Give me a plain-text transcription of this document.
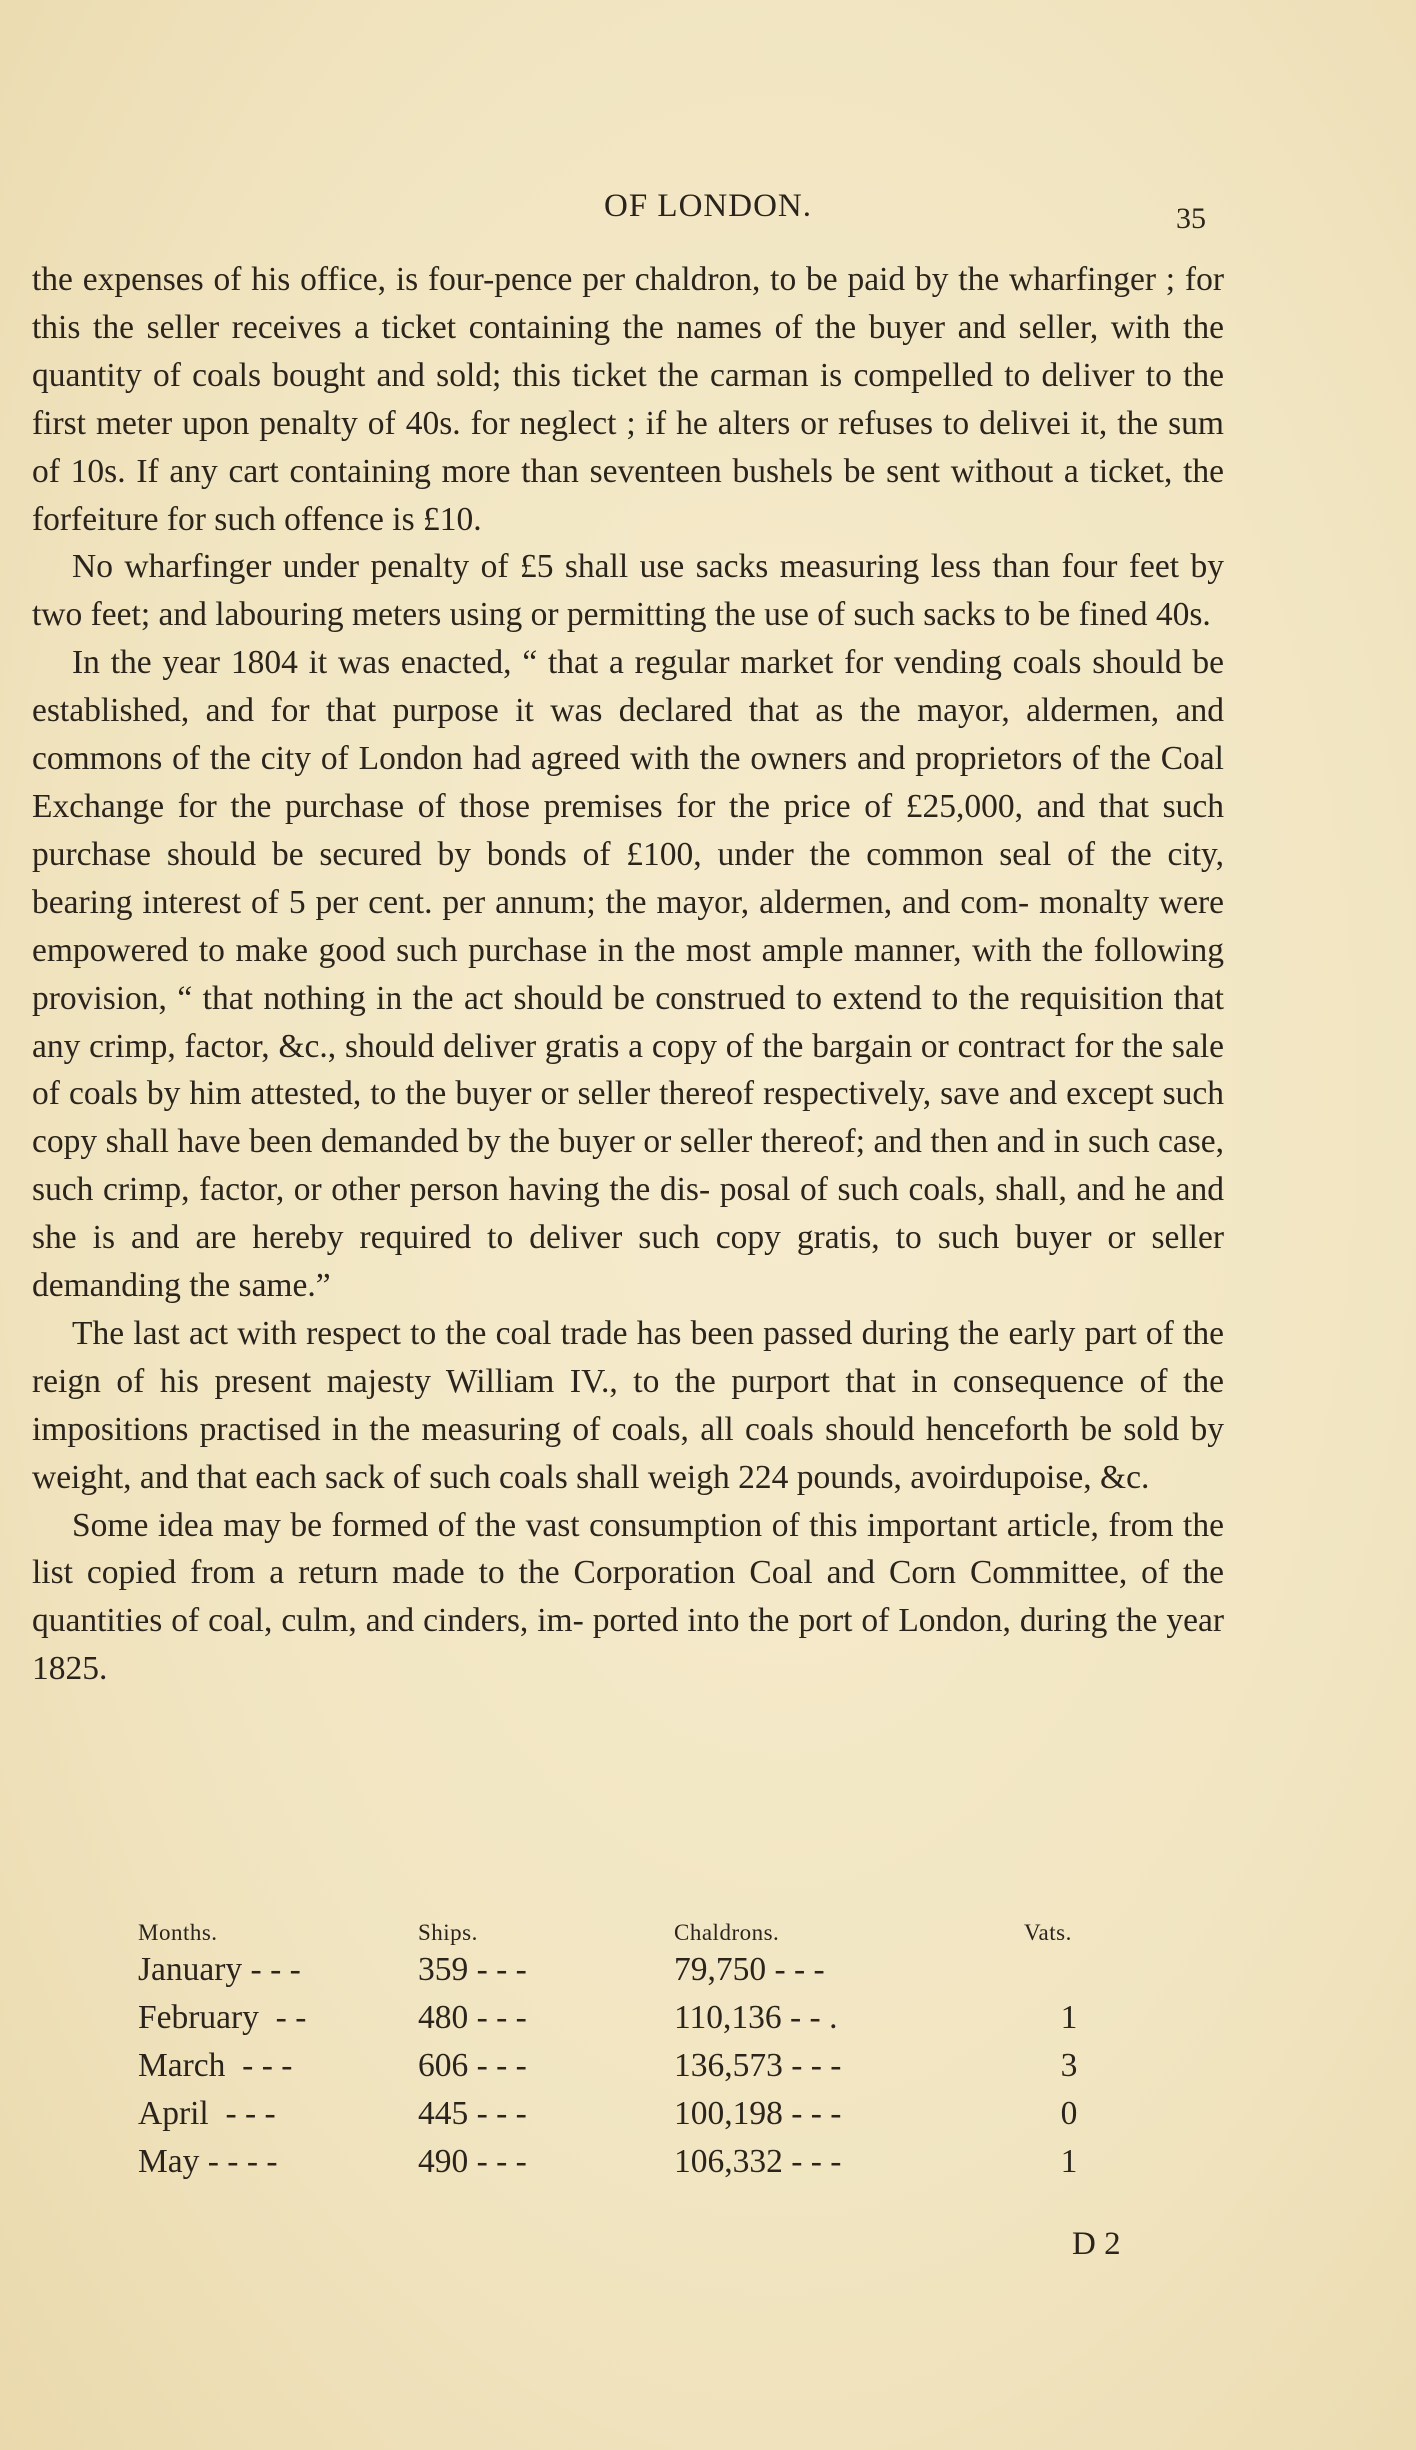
OF LONDON.	35

the expenses of his office, is four-pence per chaldron, to be paid by the wharfinger ; for this the seller receives a ticket containing the names of the buyer and seller, with the quantity of coals bought and sold; this ticket the carman is compelled to deliver to the first meter upon penalty of 40s. for neglect ; if he alters or refuses to delivei it, the sum of 10s. If any cart containing more than seventeen bushels be sent without a ticket, the forfeiture for such offence is £10.

No wharfinger under penalty of £5 shall use sacks measuring less than four feet by two feet; and labouring meters using or permitting the use of such sacks to be fined 40s.

In the year 1804 it was enacted, “ that a regular market for vending coals should be established, and for that purpose it was declared that as the mayor, aldermen, and commons of the city of London had agreed with the owners and proprietors of the Coal Exchange for the purchase of those premises for the price of £25,000, and that such purchase should be secured by bonds of £100, under the common seal of the city, bearing interest of 5 per cent. per annum; the mayor, aldermen, and com- monalty were empowered to make good such purchase in the most ample manner, with the following provision, “ that nothing in the act should be construed to extend to the requisition that any crimp, factor, &c., should deliver gratis a copy of the bargain or contract for the sale of coals by him attested, to the buyer or seller thereof respectively, save and except such copy shall have been demanded by the buyer or seller thereof; and then and in such case, such crimp, factor, or other person having the dis- posal of such coals, shall, and he and she is and are hereby required to deliver such copy gratis, to such buyer or seller demanding the same.”

The last act with respect to the coal trade has been passed during the early part of the reign of his present majesty William IV., to the purport that in consequence of the impositions practised in the measuring of coals, all coals should henceforth be sold by weight, and that each sack of such coals shall weigh 224 pounds, avoirdupoise, &c.

Some idea may be formed of the vast consumption of this important article, from the list copied from a return made to the Corporation Coal and Corn Committee, of the quantities of coal, culm, and cinders, im- ported into the port of London, during the year 1825.

Months.	Ships.	Chaldrons.	Vats.
January - - -	359 - - -	79,750 - - -	
February  - -	480 - - -	110,136 - - .	1
March  - - -	606 - - -	136,573 - - -	3
April  - - -	445 - - -	100,198 - - -	0
May - - - -	490 - - -	106,332 - - -	1
D 2
